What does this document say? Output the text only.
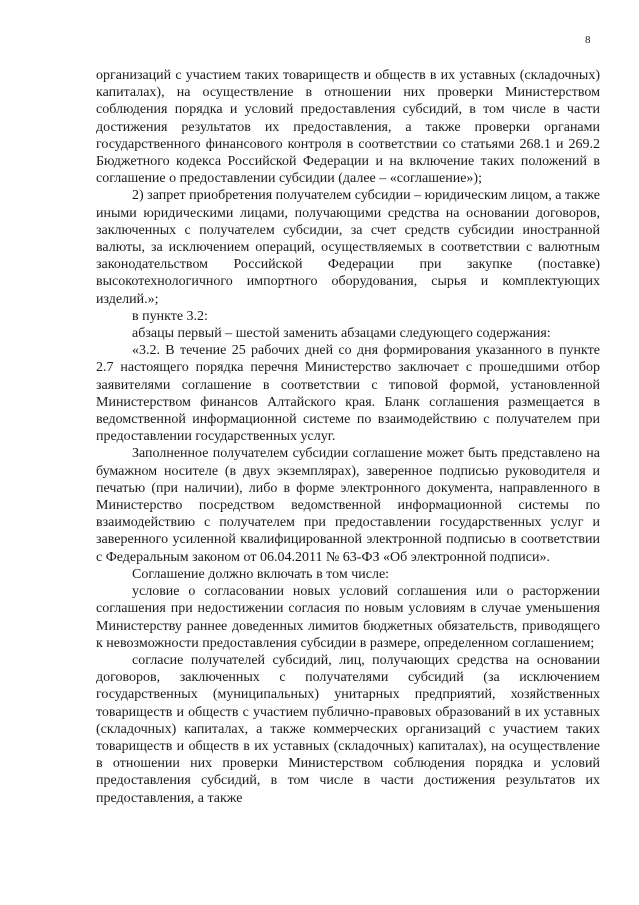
8

организаций с участием таких товариществ и обществ в их уставных (складочных) капиталах), на осуществление в отношении них проверки Министерством соблюдения порядка и условий предоставления субсидий, в том числе в части достижения результатов их предоставления, а также проверки органами государственного финансового контроля в соответствии со статьями 268.1 и 269.2 Бюджетного кодекса Российской Федерации и на включение таких положений в соглашение о предоставлении субсидии (далее – «соглашение»);

2) запрет приобретения получателем субсидии – юридическим лицом, а также иными юридическими лицами, получающими средства на основании договоров, заключенных с получателем субсидии, за счет средств субсидии иностранной валюты, за исключением операций, осуществляемых в соответствии с валютным законодательством Российской Федерации при закупке (поставке) высокотехнологичного импортного оборудования, сырья и комплектующих изделий.»;

в пункте 3.2:

абзацы первый – шестой заменить абзацами следующего содержания:

«3.2. В течение 25 рабочих дней со дня формирования указанного в пункте 2.7 настоящего порядка перечня Министерство заключает с прошедшими отбор заявителями соглашение в соответствии с типовой формой, установленной Министерством финансов Алтайского края. Бланк соглашения размещается в ведомственной информационной системе по взаимодействию с получателем при предоставлении государственных услуг.

Заполненное получателем субсидии соглашение может быть представлено на бумажном носителе (в двух экземплярах), заверенное подписью руководителя и печатью (при наличии), либо в форме электронного документа, направленного в Министерство посредством ведомственной информационной системы по взаимодействию с получателем при предоставлении государственных услуг и заверенного усиленной квалифицированной электронной подписью в соответствии с Федеральным законом от 06.04.2011 № 63-ФЗ «Об электронной подписи».

Соглашение должно включать в том числе:

условие о согласовании новых условий соглашения или о расторжении соглашения при недостижении согласия по новым условиям в случае уменьшения Министерству раннее доведенных лимитов бюджетных обязательств, приводящего к невозможности предоставления субсидии в размере, определенном соглашением;

согласие получателей субсидий, лиц, получающих средства на основании договоров, заключенных с получателями субсидий (за исключением государственных (муниципальных) унитарных предприятий, хозяйственных товариществ и обществ с участием публично-правовых образований в их уставных (складочных) капиталах, а также коммерческих организаций с участием таких товариществ и обществ в их уставных (складочных) капиталах), на осуществление в отношении них проверки Министерством соблюдения порядка и условий предоставления субсидий, в том числе в части достижения результатов их предоставления, а также
